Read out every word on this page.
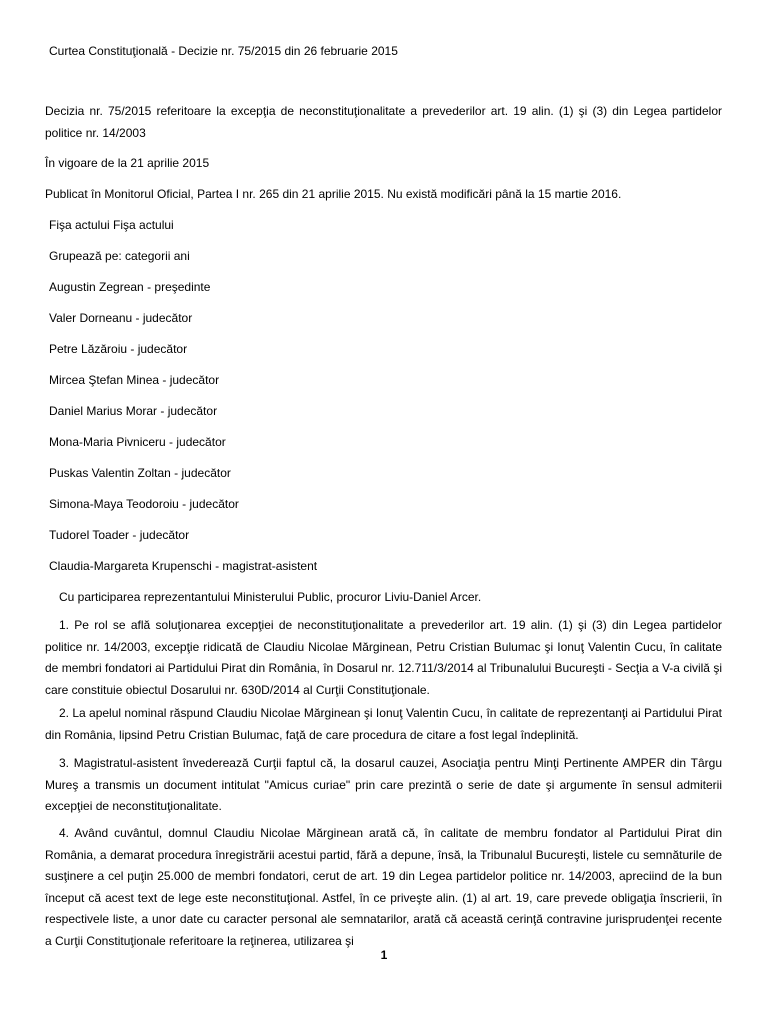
Curtea Constituţională - Decizie nr. 75/2015 din 26 februarie 2015

Decizia nr. 75/2015 referitoare la excepţia de neconstituţionalitate a prevederilor art. 19 alin. (1) şi (3) din Legea partidelor politice nr. 14/2003

În vigoare de la 21 aprilie 2015

Publicat în Monitorul Oficial, Partea I nr. 265 din 21 aprilie 2015. Nu există modificări până la 15 martie 2016.

Fişa actului Fişa actului

Grupează pe: categorii ani

Augustin Zegrean - preşedinte

Valer Dorneanu - judecător

Petre Lăzăroiu - judecător

Mircea Ştefan Minea - judecător

Daniel Marius Morar - judecător

Mona-Maria Pivniceru - judecător

Puskas Valentin Zoltan - judecător

Simona-Maya Teodoroiu - judecător

Tudorel Toader - judecător

Claudia-Margareta Krupenschi - magistrat-asistent

Cu participarea reprezentantului Ministerului Public, procuror Liviu-Daniel Arcer.

1. Pe rol se află soluţionarea excepţiei de neconstituţionalitate a prevederilor art. 19 alin. (1) şi (3) din Legea partidelor politice nr. 14/2003, excepţie ridicată de Claudiu Nicolae Mărginean, Petru Cristian Bulumac şi Ionuţ Valentin Cucu, în calitate de membri fondatori ai Partidului Pirat din România, în Dosarul nr. 12.711/3/2014 al Tribunalului Bucureşti - Secţia a V-a civilă şi care constituie obiectul Dosarului nr. 630D/2014 al Curţii Constituţionale.

2. La apelul nominal răspund Claudiu Nicolae Mărginean şi Ionuţ Valentin Cucu, în calitate de reprezentanţi ai Partidului Pirat din România, lipsind Petru Cristian Bulumac, faţă de care procedura de citare a fost legal îndeplinită.

3. Magistratul-asistent învederează Curţii faptul că, la dosarul cauzei, Asociaţia pentru Minţi Pertinente AMPER din Târgu Mureş a transmis un document intitulat "Amicus curiae" prin care prezintă o serie de date şi argumente în sensul admiterii excepţiei de neconstituţionalitate.

4. Având cuvântul, domnul Claudiu Nicolae Mărginean arată că, în calitate de membru fondator al Partidului Pirat din România, a demarat procedura înregistrării acestui partid, fără a depune, însă, la Tribunalul Bucureşti, listele cu semnăturile de susţinere a cel puţin 25.000 de membri fondatori, cerut de art. 19 din Legea partidelor politice nr. 14/2003, apreciind de la bun început că acest text de lege este neconstituţional. Astfel, în ce priveşte alin. (1) al art. 19, care prevede obligaţia înscrierii, în respectivele liste, a unor date cu caracter personal ale semnatarilor, arată că această cerinţă contravine jurisprudenţei recente a Curţii Constituţionale referitoare la reţinerea, utilizarea şi

1
